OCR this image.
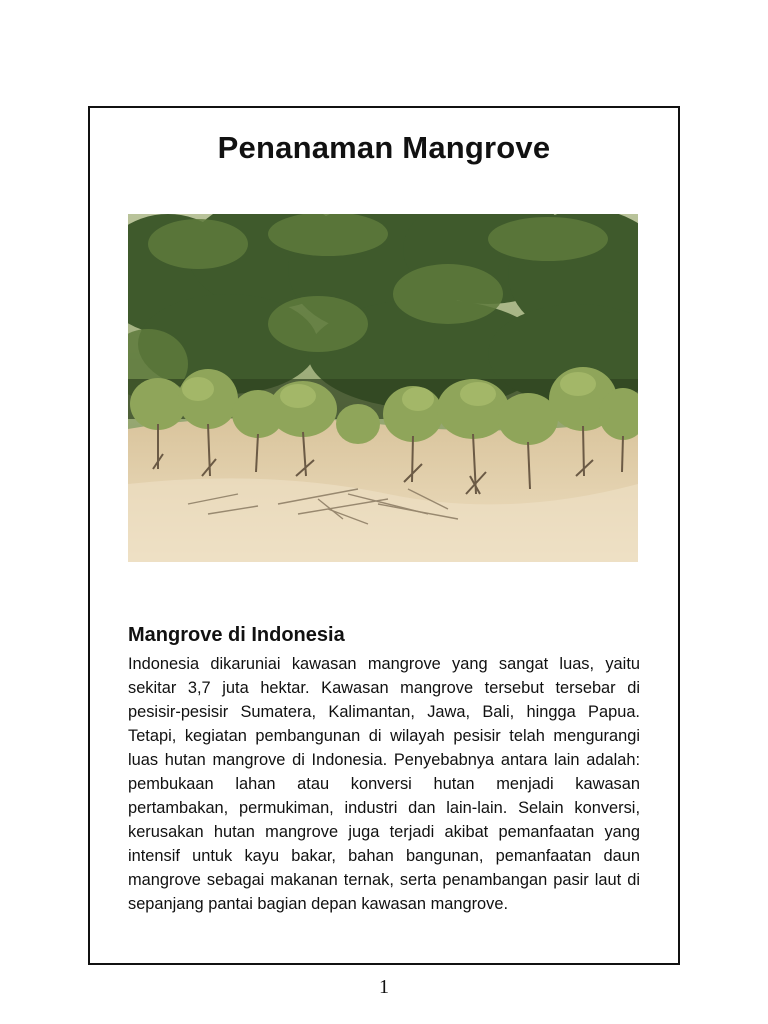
Penanaman Mangrove
Mangrove di Indonesia

Indonesia dikaruniai kawasan mangrove yang sangat luas, yaitu sekitar 3,7 juta hektar. Kawasan mangrove tersebut tersebar di pesisir-pesisir Sumatera, Kalimantan, Jawa, Bali, hingga Papua. Tetapi, kegiatan pembangunan di wilayah pesisir telah mengurangi luas hutan mangrove di Indonesia. Penyebabnya antara lain adalah: pembukaan lahan atau konversi hutan menjadi kawasan pertambakan, permukiman, industri dan lain-lain. Selain konversi, kerusakan hutan mangrove juga terjadi akibat pemanfaatan yang intensif untuk kayu bakar, bahan bangunan, pemanfaatan daun mangrove sebagai makanan ternak, serta penambangan pasir laut di sepanjang pantai bagian depan kawasan mangrove.

1
